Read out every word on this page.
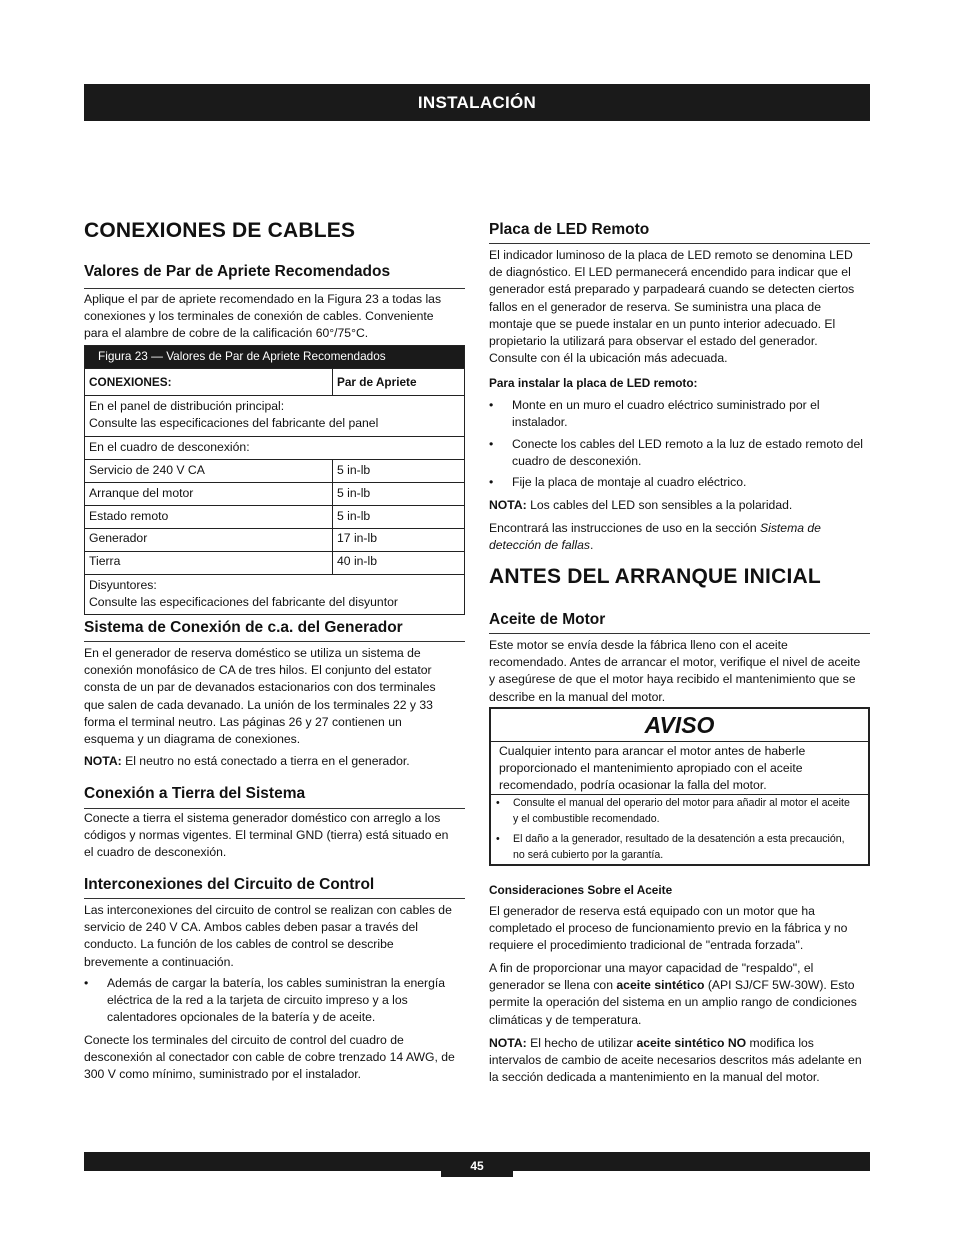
INSTALACIÓN
CONEXIONES DE CABLES
Valores de Par de Apriete Recomendados
Aplique el par de apriete recomendado en la Figura 23 a todas las
conexiones y los terminales de conexión de cables. Conveniente
para el alambre de cobre de la calificación 60°/75°C.
Figura 23 — Valores de Par de Apriete Recomendados
CONEXIONES:	Par de Apriete
En el panel de distribución principal:
Consulte las especificaciones del fabricante del panel
En el cuadro de desconexión:
Servicio de 240 V CA	5 in-lb
Arranque del motor	5 in-lb
Estado remoto	5 in-lb
Generador	17 in-lb
Tierra	40 in-lb
Disyuntores:
Consulte las especificaciones del fabricante del disyuntor
Sistema de Conexión de c.a. del Generador
En el generador de reserva doméstico se utiliza un sistema de
conexión monofásico de CA de tres hilos. El conjunto del estator
consta de un par de devanados estacionarios con dos terminales
que salen de cada devanado. La unión de los terminales 22 y 33
forma el terminal neutro. Las páginas 26 y 27 contienen un
esquema y un diagrama de conexiones.
NOTA: El neutro no está conectado a tierra en el generador.
Conexión a Tierra del Sistema
Conecte a tierra el sistema generador doméstico con arreglo a los
códigos y normas vigentes. El terminal GND (tierra) está situado en
el cuadro de desconexión.
Interconexiones del Circuito de Control
Las interconexiones del circuito de control se realizan con cables de
servicio de 240 V CA. Ambos cables deben pasar a través del
conducto. La función de los cables de control se describe
brevemente a continuación.
• Además de cargar la batería, los cables suministran la energía
eléctrica de la red a la tarjeta de circuito impreso y a los
calentadores opcionales de la batería y de aceite.
Conecte los terminales del circuito de control del cuadro de
desconexión al conectador con cable de cobre trenzado 14 AWG, de
300 V como mínimo, suministrado por el instalador.
Placa de LED Remoto
El indicador luminoso de la placa de LED remoto se denomina LED
de diagnóstico. El LED permanecerá encendido para indicar que el
generador está preparado y parpadeará cuando se detecten ciertos
fallos en el generador de reserva. Se suministra una placa de
montaje que se puede instalar en un punto interior adecuado. El
propietario la utilizará para observar el estado del generador.
Consulte con él la ubicación más adecuada.
Para instalar la placa de LED remoto:
• Monte en un muro el cuadro eléctrico suministrado por el
instalador.
• Conecte los cables del LED remoto a la luz de estado remoto del
cuadro de desconexión.
• Fije la placa de montaje al cuadro eléctrico.
NOTA: Los cables del LED son sensibles a la polaridad.
Encontrará las instrucciones de uso en la sección Sistema de
detección de fallas.
ANTES DEL ARRANQUE INICIAL
Aceite de Motor
Este motor se envía desde la fábrica lleno con el aceite
recomendado. Antes de arrancar el motor, verifique el nivel de aceite
y asegúrese de que el motor haya recibido el mantenimiento que se
describe en la manual del motor.
AVISO
Cualquier intento para arancar el motor antes de haberle
proporcionado el mantenimiento apropiado con el aceite
recomendado, podría ocasionar la falla del motor.
• Consulte el manual del operario del motor para añadir al motor el aceite
y el combustible recomendado.
• El daño a la generador, resultado de la desatención a esta precaución,
no será cubierto por la garantía.
Consideraciones Sobre el Aceite
El generador de reserva está equipado con un motor que ha
completado el proceso de funcionamiento previo en la fábrica y no
requiere el procedimiento tradicional de "entrada forzada".
A fin de proporcionar una mayor capacidad de "respaldo", el
generador se llena con aceite sintético (API SJ/CF 5W-30W). Esto
permite la operación del sistema en un amplio rango de condiciones
climáticas y de temperatura.
NOTA: El hecho de utilizar aceite sintético NO modifica los
intervalos de cambio de aceite necesarios descritos más adelante en
la sección dedicada a mantenimiento en la manual del motor.
45
